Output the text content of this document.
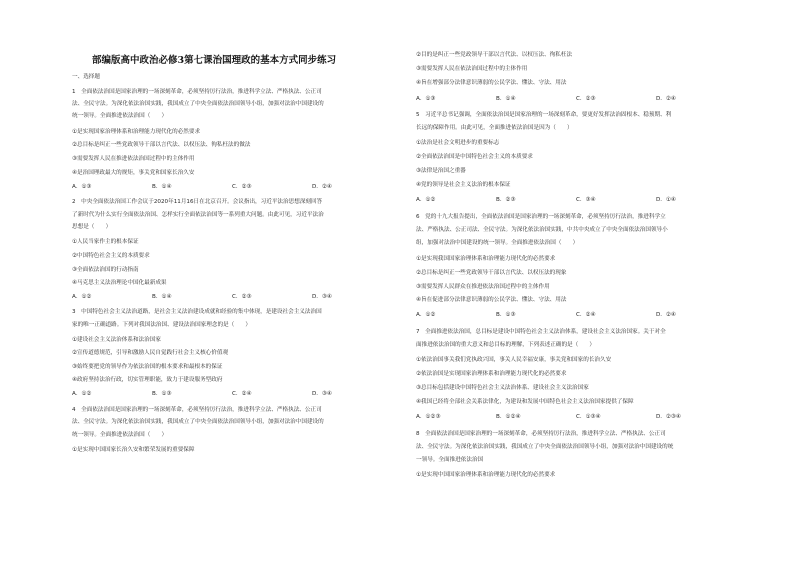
部编版高中政治必修3第七课治国理政的基本方式同步练习
一、选择题
1　全面依法治国是国家治理的一场深刻革命，必须坚持厉行法治，推进科学立法、严格执法、公正司
法、全民守法。为深化依法治国实践，我国成立了中央全面依法治国领导小组，加强对法治中国建设的
统一领导。全面推进依法治国（　　）
①是实现国家治理体系和治理能力现代化的必然要求
②总目标是纠正一些党政领导干部以言代法、以权压法、徇私枉法的做法
③需要发挥人民在推进依法治国过程中的主体作用
④是治国理政最大的规矩，事关党和国家长治久安
A．①③	B．①④	C．②③	D．②④
2　中央全面依法治国工作会议于2020年11月16日在北京召开。会议指出，习近平法治思想深刻回答
了新时代为什么实行全面依法治国、怎样实行全面依法治国等一系列重大问题。由此可见，习近平法治
思想是（　　）
①人民当家作主的根本保证
②中国特色社会主义的本质要求
③全面依法治国的行动指南
④马克思主义法治理论中国化最新成果
A．①②	B．①④	C．②③	D．③④
3　中国特色社会主义法治道路，是社会主义法治建设成就和经验的集中体现，是建设社会主义法治国
家的唯一正确道路。下列对我国法治国、建设法治国家理念的是（　　）
①建设社会主义法治体系和法治国家
②宣传道德规范，引导和激励人民自觉践行社会主义核心价值观
③始终要把党的领导作为依法治国的根本要求和最根本的保证
④政府坚持法治行政，切实管理职能，致力于建设服务型政府
A．①②	B．①③	C．②④	D．③④
4　全面依法治国是国家治理的一场深刻革命，必须坚持厉行法治，推进科学立法、严格执法、公正司
法、全民守法。为深化依法治国实践，我国成立了中央全面依法治国领导小组，加强对法治中国建设的
统一领导。全面推进依法治国（　　）
①是实现中国国家长治久安和繁荣发展的重要保障
②目的是纠正一些党政领导干部以言代法、以权压法、徇私枉法
③需要发挥人民在依法治国过程中的主体作用
④旨在增强部分法律意识薄弱的公民学法、懂法、守法、用法
A．①③	B．①④	C．②③	D．②④
5　习近平总书记强调，全面依法治国是国家治理的一场深刻革命，要更好发挥法治固根本、稳预期、利
长远的保障作用。由此可见，全面推进依法治国是因为（　　）
①法治是社会文明进步的重要标志
②全面依法治国是中国特色社会主义的本质要求
③法律是治国之重器
④党的领导是社会主义法治的根本保证
A．①②	B．②③	C．③④	D．①④
6　党的十九大报告提出，全面依法治国是国家治理的一场深刻革命，必须坚持厉行法治，推进科学立
法、严格执法、公正司法、全民守法。为深化依法治国实践，中共中央成立了中央全面依法治国领导小
组，加强对法治中国建设的统一领导。全面推进依法治国（　　）
①是实现我国国家治理体系和治理能力现代化的必然要求
②总目标是纠正一些党政领导干部以言代法、以权压法的现象
③需要发挥人民群众在推进依法治国过程中的主体作用
④旨在促进部分法律意识薄弱的公民学法、懂法、守法、用法
A．①②	B．①③	C．②④	D．②④
7　全面推进依法治国，总目标是建设中国特色社会主义法治体系，建设社会主义法治国家。关于对全
面推进依法治国的重大意义和总目标的理解，下列表述正确的是（　　）
①依法治国事关我们党执政兴国，事关人民幸福安康，事关党和国家的长治久安
②依法治国是实现国家治理体系和治理能力现代化的必然要求
③总目标包括建设中国特色社会主义法治体系、建设社会主义法治国家
④我国已经将全部社会关系法律化，为建设和发展中国特色社会主义法治国家提供了保障
A．①②③	B．①②④	C．①③④	D．②③④
8　全面依法治国是国家治理的一场深刻革命，必须坚持厉行法治，推进科学立法、严格执法、公正司
法、全民守法。为深化依法治国实践，我国成立了中央全面依法治国领导小组，加强对法治中国建设的统
一领导。全面推进依法治国
①是实现中国国家治理体系和治理能力现代化的必然要求
